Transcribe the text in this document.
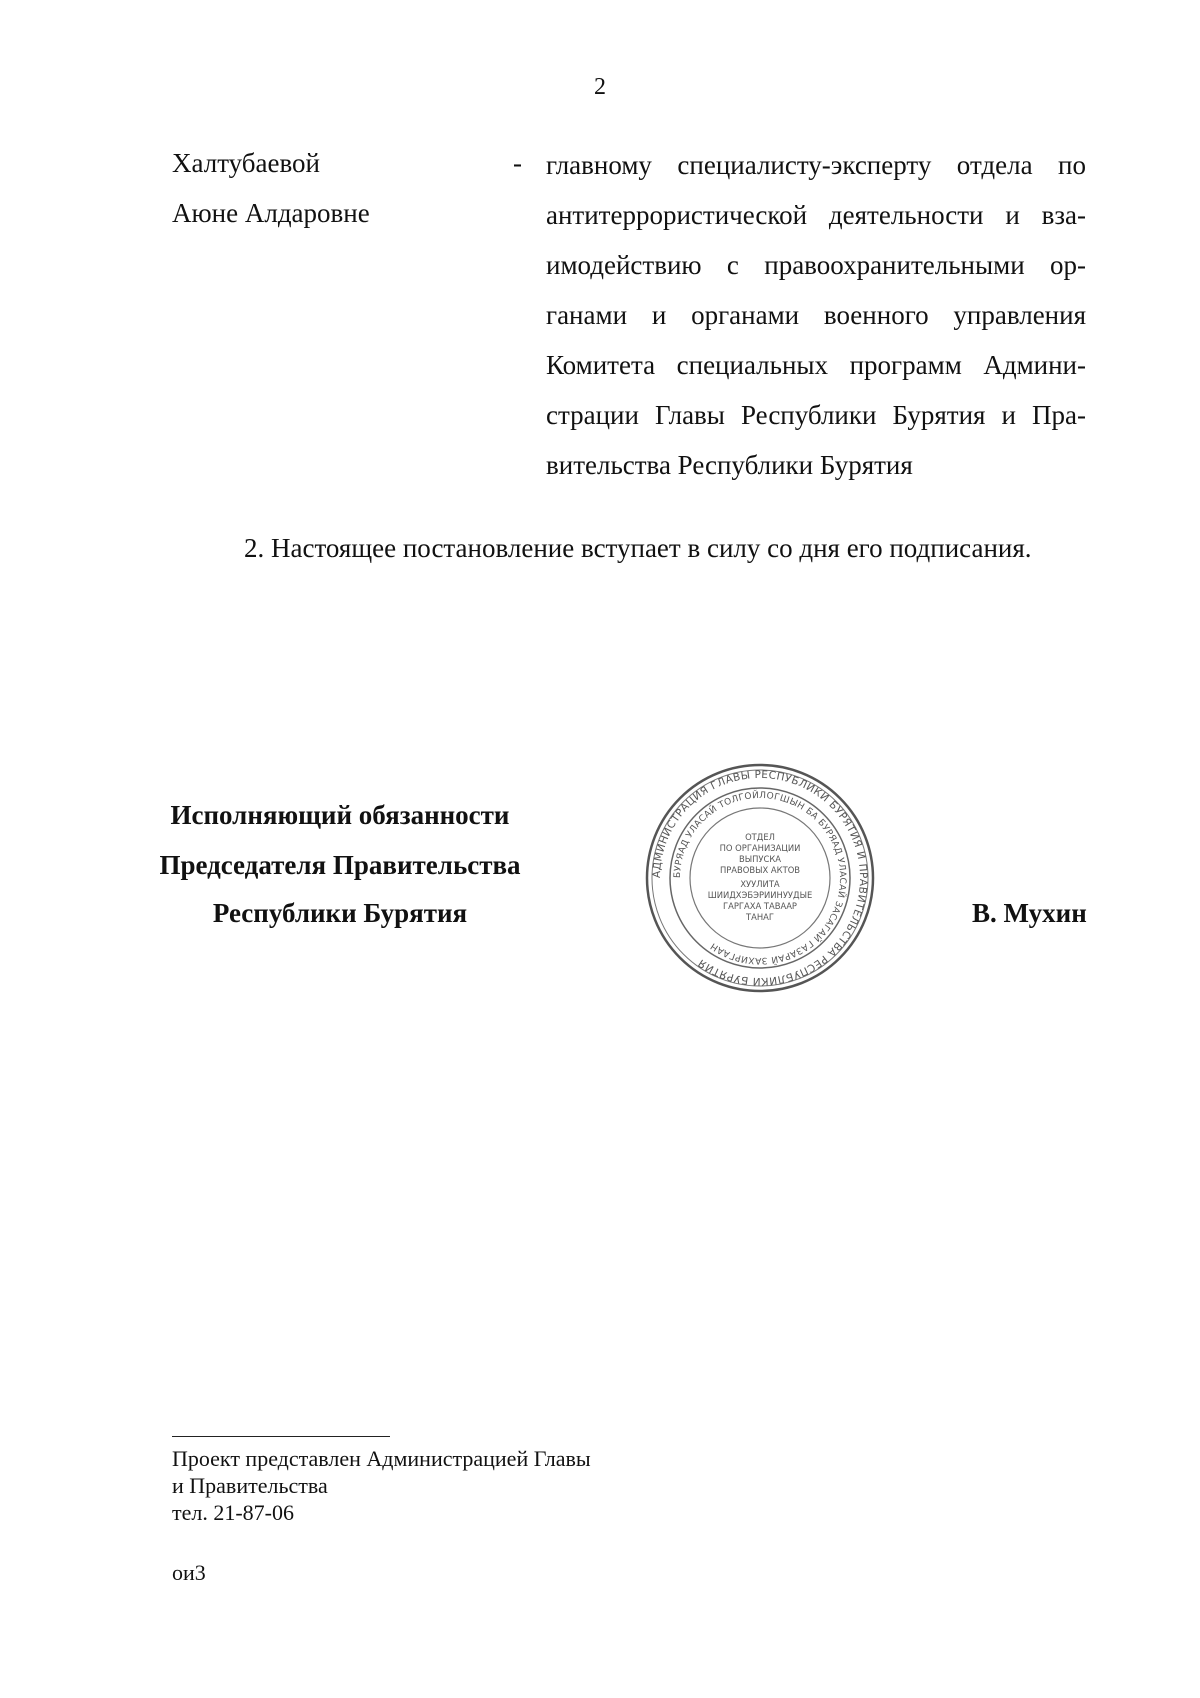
2
Халтубаевой
Аюне Алдаровне
- главному специалисту-эксперту отдела по
антитеррористической деятельности и вза-
имодействию с правоохранительными ор-
ганами и органами военного управления
Комитета специальных программ Админи-
страции Главы Республики Бурятия и Пра-
вительства Республики Бурятия
2. Настоящее постановление вступает в силу со дня его подписания.
Исполняющий обязанности
Председателя Правительства
Республики Бурятия
АДМИНИСТРАЦИЯ ГЛАВЫ РЕСПУБЛИКИ БУРЯТИЯ И ПРАВИТЕЛЬСТВА РЕСПУБЛИКИ БУРЯТИЯ
БУРЯАД УЛАСАЙ ТОЛГОЙЛОГШЫН БА БУРЯАД УЛАСАЙ ЗАСАГАЙ ГАЗАРАЙ ЗАХИРГААН
ОТДЕЛ
ПО ОРГАНИЗАЦИИ
ВЫПУСКА
ПРАВОВЫХ АКТОВ
ХУУЛИТА
ШИИДХЭБЭРИИНУУДЫЕ
ГАРГАХА ТАВААР
ТАНАГ	В. Мухин
Проект представлен Администрацией Главы
и Правительства
тел. 21-87-06
ои3
